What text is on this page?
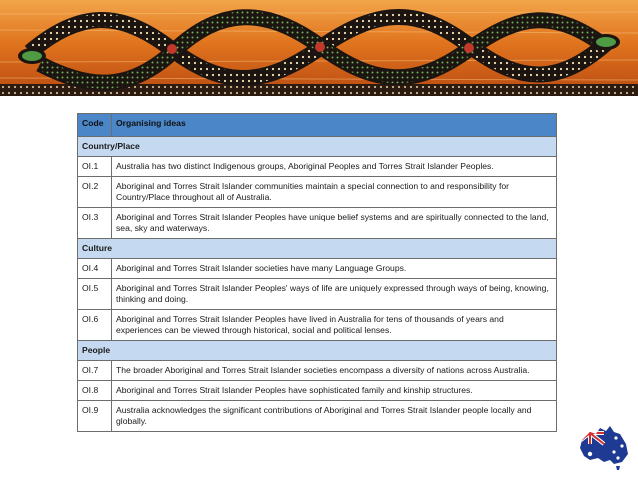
Code	Organising ideas
Country/Place	
OI.1	Australia has two distinct Indigenous groups, Aboriginal Peoples and Torres Strait Islander Peoples.
OI.2	Aboriginal and Torres Strait Islander communities maintain a special connection to and responsibility for Country/Place throughout all of Australia.
OI.3	Aboriginal and Torres Strait Islander Peoples have unique belief systems and are spiritually connected to the land, sea, sky and waterways.
Culture	
OI.4	Aboriginal and Torres Strait Islander societies have many Language Groups.
OI.5	Aboriginal and Torres Strait Islander Peoples' ways of life are uniquely expressed through ways of being, knowing, thinking and doing.
OI.6	Aboriginal and Torres Strait Islander Peoples have lived in Australia for tens of thousands of years and experiences can be viewed through historical, social and political lenses.
People	
OI.7	The broader Aboriginal and Torres Strait Islander societies encompass a diversity of nations across Australia.
OI.8	Aboriginal and Torres Strait Islander Peoples have sophisticated family and kinship structures.
OI.9	Australia acknowledges the significant contributions of Aboriginal and Torres Strait Islander people locally and globally.
